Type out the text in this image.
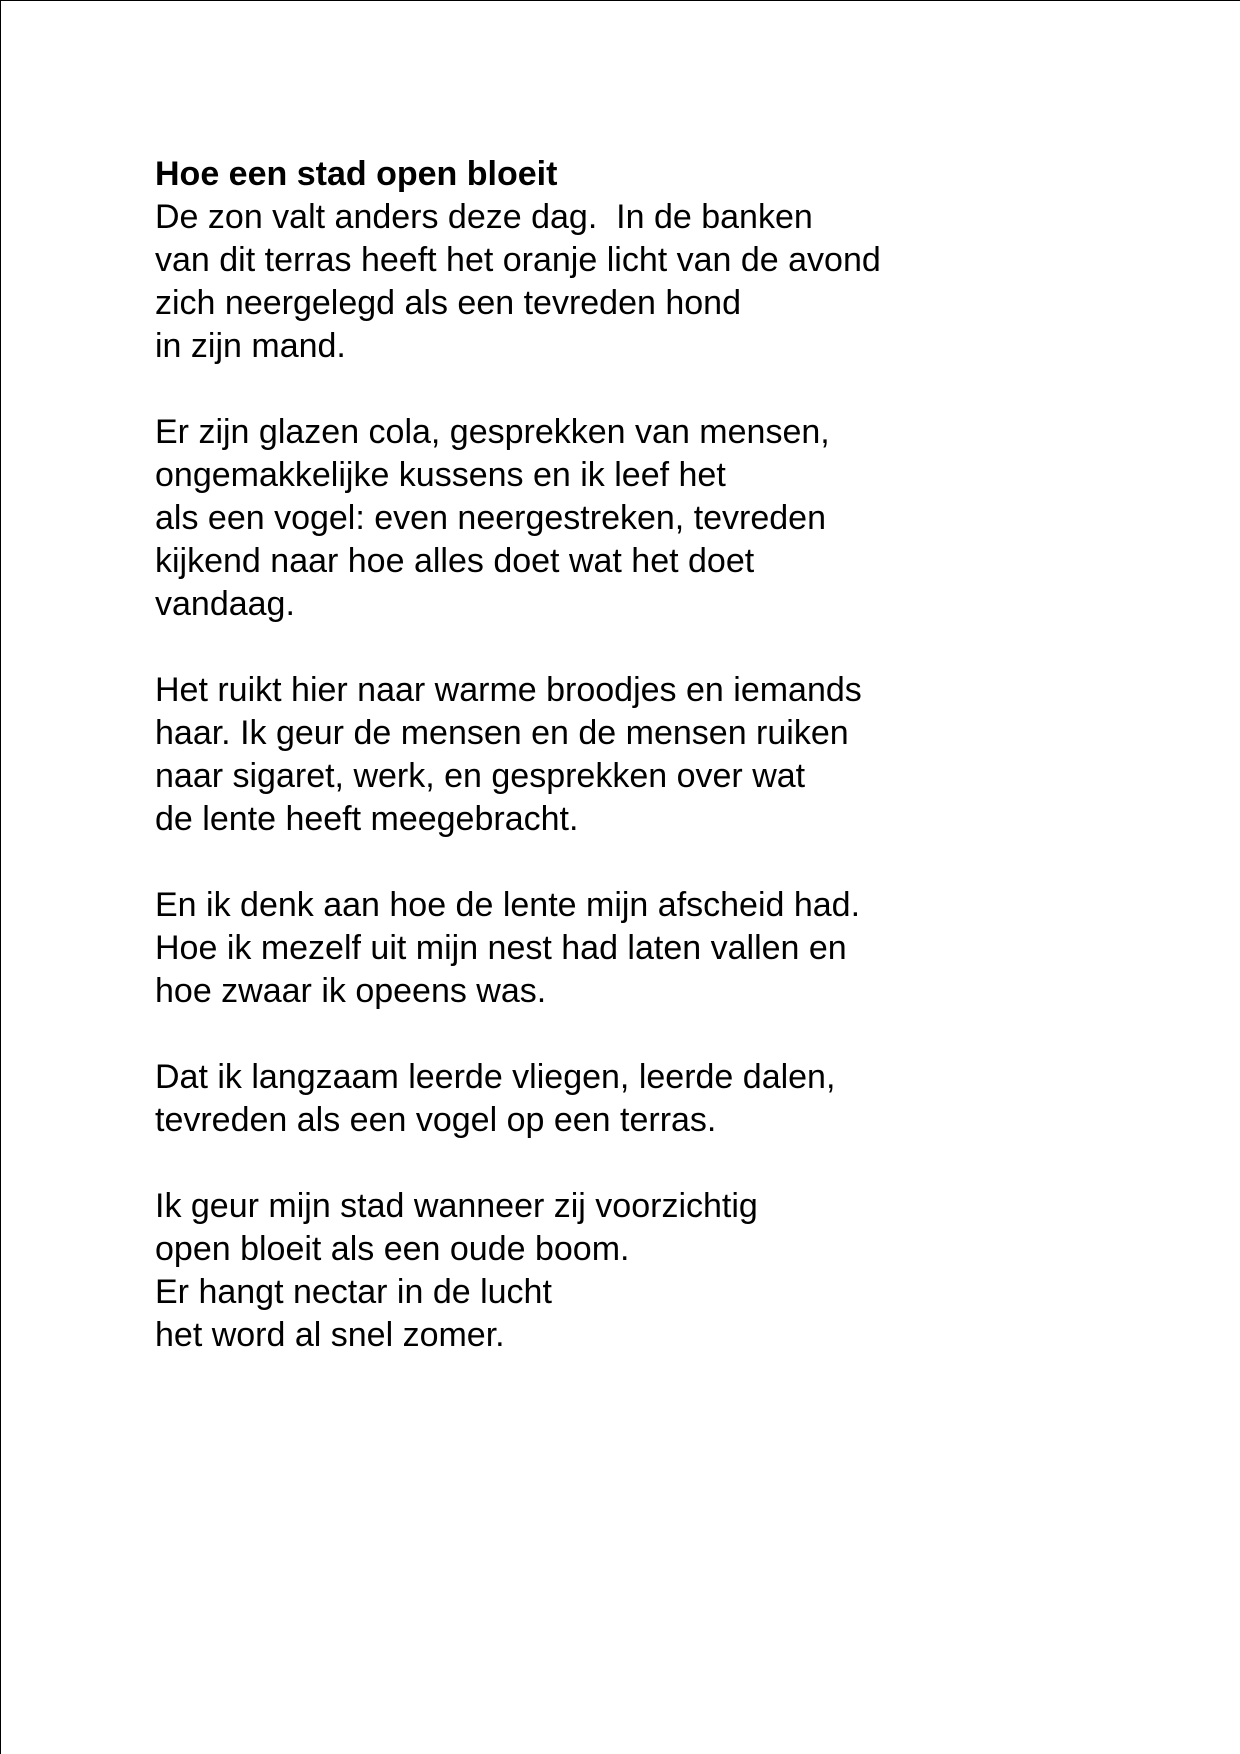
Hoe een stad open bloeit
De zon valt anders deze dag.  In de banken
van dit terras heeft het oranje licht van de avond
zich neergelegd als een tevreden hond
in zijn mand.
Er zijn glazen cola, gesprekken van mensen,
ongemakkelijke kussens en ik leef het
als een vogel: even neergestreken, tevreden
kijkend naar hoe alles doet wat het doet
vandaag.
Het ruikt hier naar warme broodjes en iemands
haar. Ik geur de mensen en de mensen ruiken
naar sigaret, werk, en gesprekken over wat
de lente heeft meegebracht.
En ik denk aan hoe de lente mijn afscheid had.
Hoe ik mezelf uit mijn nest had laten vallen en
hoe zwaar ik opeens was.
Dat ik langzaam leerde vliegen, leerde dalen,
tevreden als een vogel op een terras.
Ik geur mijn stad wanneer zij voorzichtig
open bloeit als een oude boom.
Er hangt nectar in de lucht
het word al snel zomer.
